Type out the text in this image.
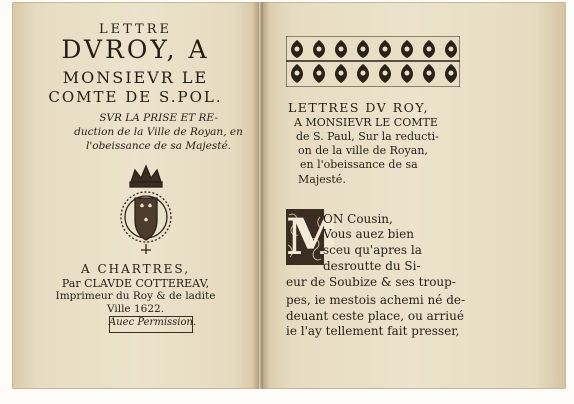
LETTRE
DVROY, A
MONSIEVR LE
COMTE DE S.POL.
SVR LA PRISE ET RE-
duction de la Ville de Royan, en
l'obeissance de sa Majesté.
A CHARTRES,
Par CLAVDE COTTEREAV,
Imprimeur du Roy & de ladite
Ville 1622.
Auec Permission.
LETTRES DV ROY,
A MONSIEVR LE COMTE
de S. Paul, Sur la reducti-
on de la ville de Royan,
en l'obeissance de sa
Majesté.
M
ON Cousin,
Vous auez bien
sceu qu'apres la
desroutte du Si-
eur de Soubize & ses troup-
pes, ie mestois achemi né de-
deuant ceste place, ou arriué
ie l'ay tellement fait presser,
